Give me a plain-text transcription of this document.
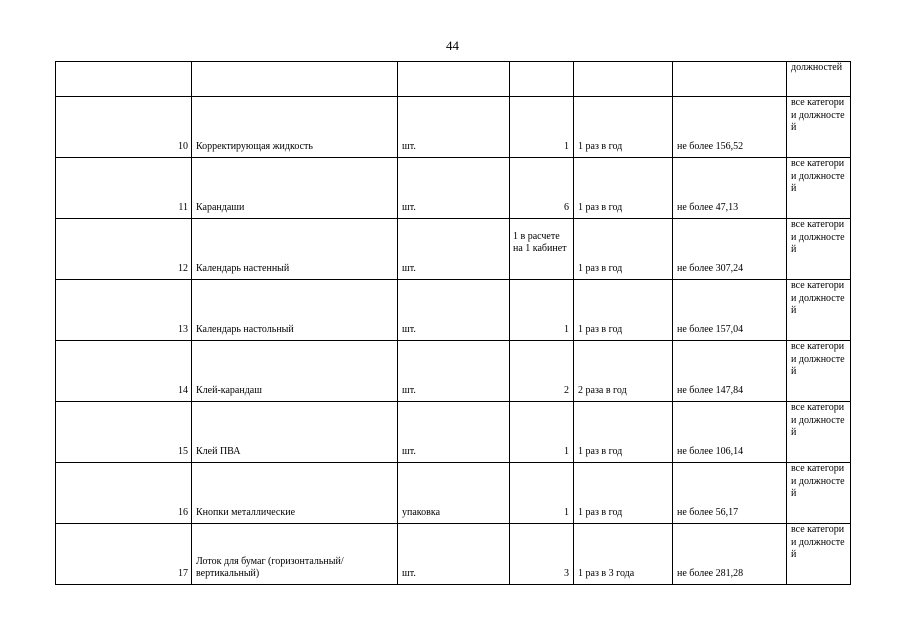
44
						должностей
10	Корректирующая жидкость	шт.	1	1 раз в год	не более 156,52	все категории должностей
11	Карандаши	шт.	6	1 раз в год	не более 47,13	все категории должностей
12	Календарь настенный	шт.	1 в расчете на 1 кабинет	1 раз в год	не более 307,24	все категории должностей
13	Календарь настольный	шт.	1	1 раз в год	не более 157,04	все категории должностей
14	Клей-карандаш	шт.	2	2 раза в год	не более 147,84	все категории должностей
15	Клей ПВА	шт.	1	1 раз в год	не более 106,14	все категории должностей
16	Кнопки металлические	упаковка	1	1 раз в год	не более 56,17	все категории должностей
17	Лоток для бумаг (горизонтальный/вертикальный)	шт.	3	1 раз в 3 года	не более 281,28	все категории должностей
